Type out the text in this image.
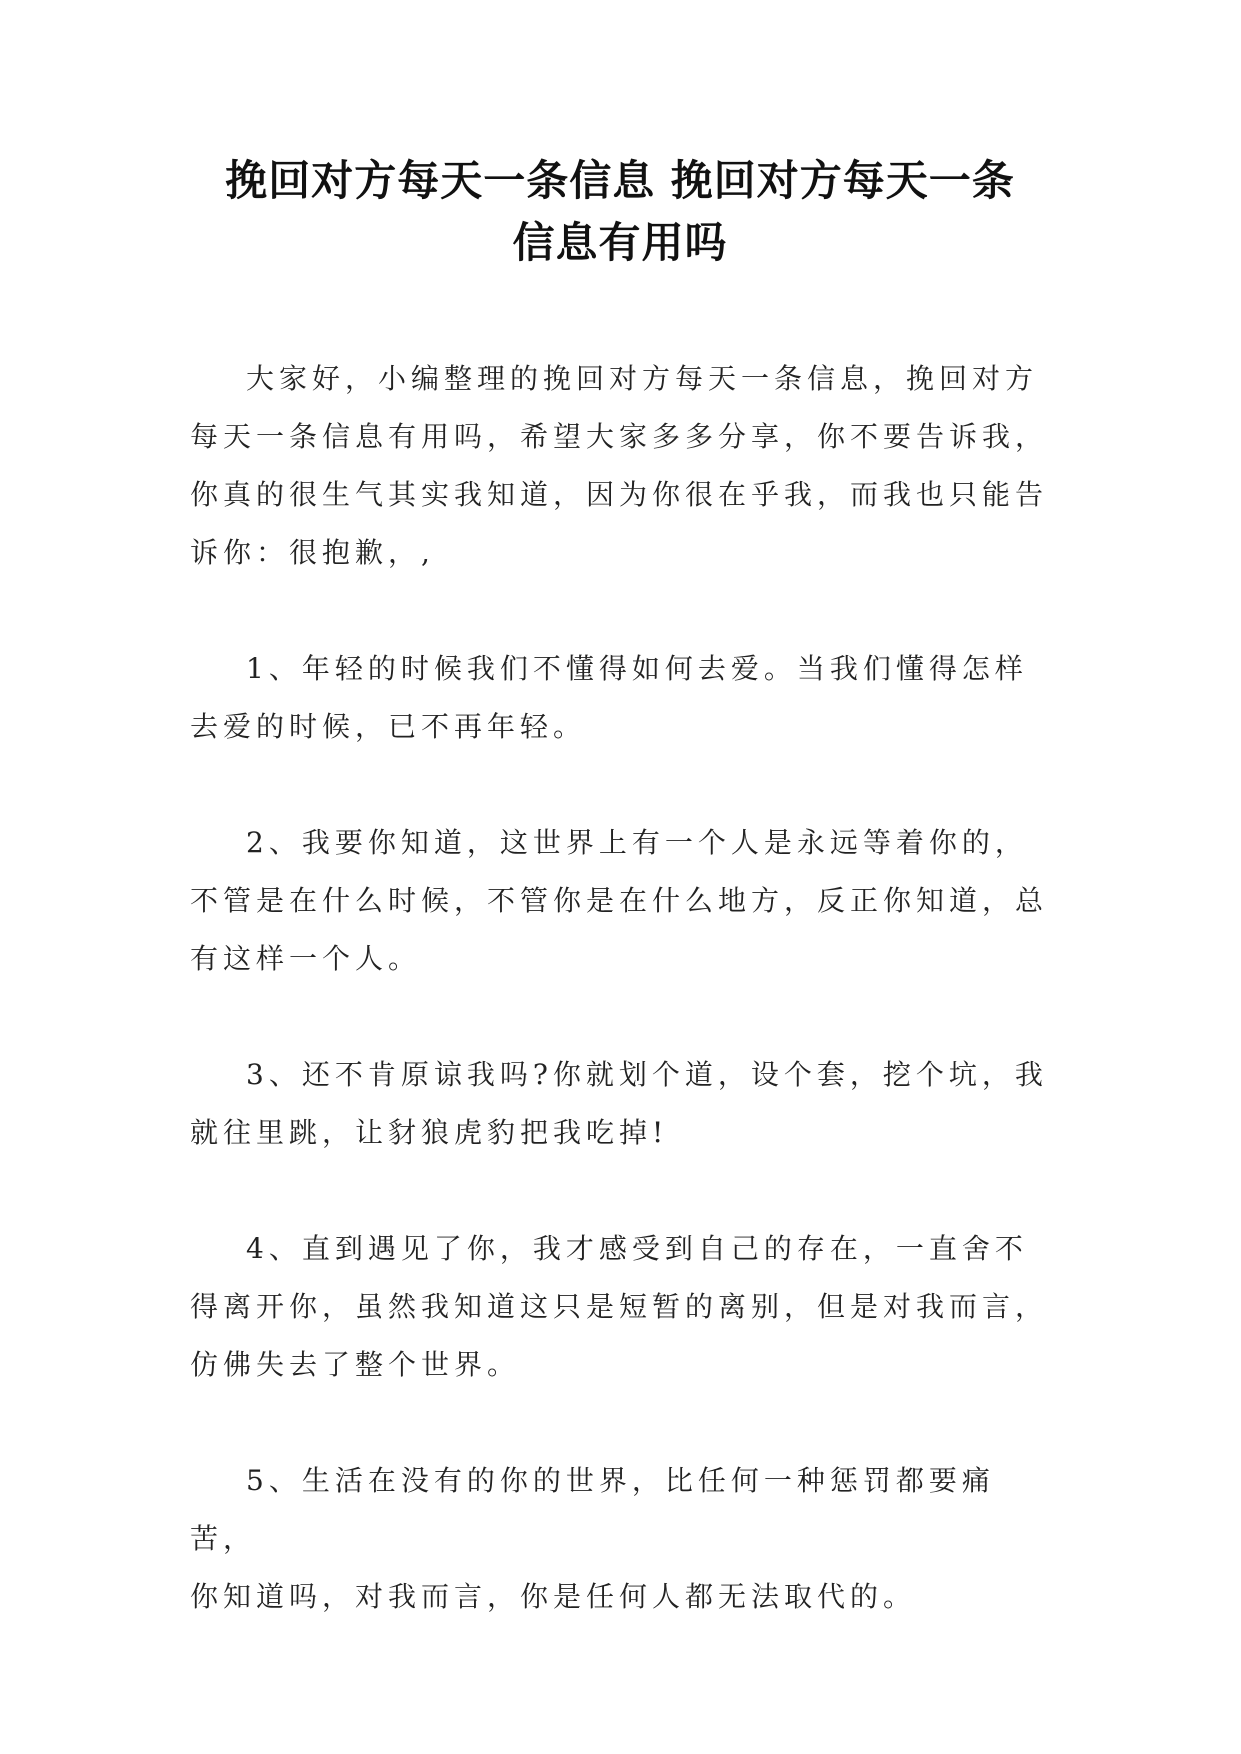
挽回对方每天一条信息 挽回对方每天一条
信息有用吗

大家好，小编整理的挽回对方每天一条信息，挽回对方
每天一条信息有用吗，希望大家多多分享，你不要告诉我，
你真的很生气其实我知道，因为你很在乎我，而我也只能告
诉你：很抱歉，,

1、年轻的时候我们不懂得如何去爱。当我们懂得怎样
去爱的时候，已不再年轻。

2、我要你知道，这世界上有一个人是永远等着你的，
不管是在什么时候，不管你是在什么地方，反正你知道，总
有这样一个人。

3、还不肯原谅我吗?你就划个道，设个套，挖个坑，我
就往里跳，让豺狼虎豹把我吃掉!

4、直到遇见了你，我才感受到自己的存在，一直舍不
得离开你，虽然我知道这只是短暂的离别，但是对我而言，
仿佛失去了整个世界。

5、生活在没有的你的世界，比任何一种惩罚都要痛苦，
你知道吗，对我而言，你是任何人都无法取代的。
